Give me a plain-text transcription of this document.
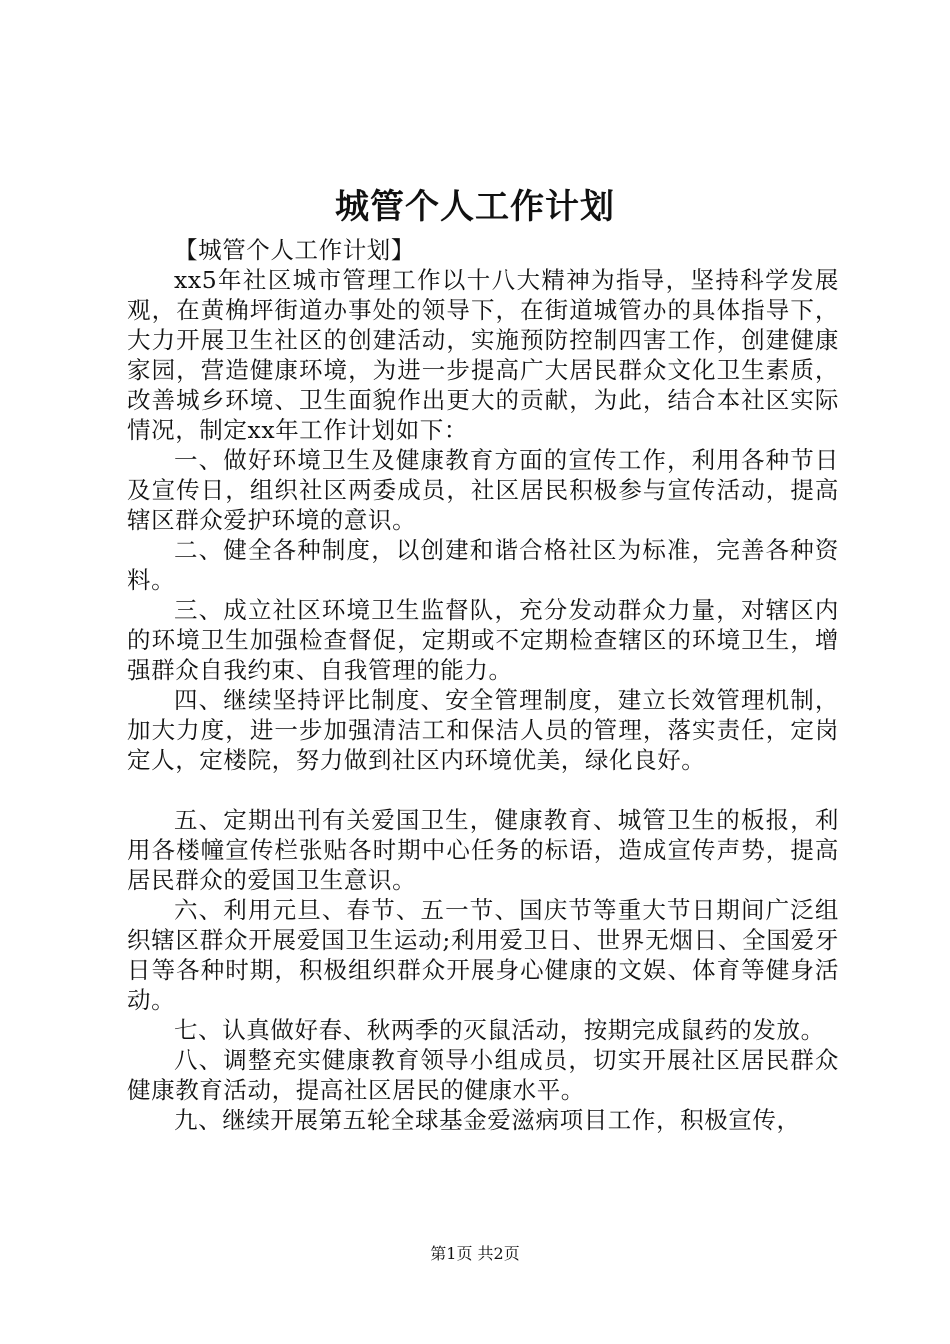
城管个人工作计划

【城管个人工作计划】

xx5年社区城市管理工作以十八大精神为指导，坚持科学发展观，在黄桷坪街道办事处的领导下，在街道城管办的具体指导下，大力开展卫生社区的创建活动，实施预防控制四害工作，创建健康家园，营造健康环境，为进一步提高广大居民群众文化卫生素质，改善城乡环境、卫生面貌作出更大的贡献，为此，结合本社区实际情况，制定xx年工作计划如下：

一、做好环境卫生及健康教育方面的宣传工作，利用各种节日及宣传日，组织社区两委成员，社区居民积极参与宣传活动，提高辖区群众爱护环境的意识。

二、健全各种制度，以创建和谐合格社区为标准，完善各种资料。

三、成立社区环境卫生监督队，充分发动群众力量，对辖区内的环境卫生加强检查督促，定期或不定期检查辖区的环境卫生，增强群众自我约束、自我管理的能力。

四、继续坚持评比制度、安全管理制度，建立长效管理机制，加大力度，进一步加强清洁工和保洁人员的管理，落实责任，定岗定人，定楼院，努力做到社区内环境优美，绿化良好。

五、定期出刊有关爱国卫生，健康教育、城管卫生的板报，利用各楼幢宣传栏张贴各时期中心任务的标语，造成宣传声势，提高居民群众的爱国卫生意识。

六、利用元旦、春节、五一节、国庆节等重大节日期间广泛组织辖区群众开展爱国卫生运动;利用爱卫日、世界无烟日、全国爱牙日等各种时期，积极组织群众开展身心健康的文娱、体育等健身活动。

七、认真做好春、秋两季的灭鼠活动，按期完成鼠药的发放。

八、调整充实健康教育领导小组成员，切实开展社区居民群众健康教育活动，提高社区居民的健康水平。

九、继续开展第五轮全球基金爱滋病项目工作，积极宣传，

第1页 共2页
